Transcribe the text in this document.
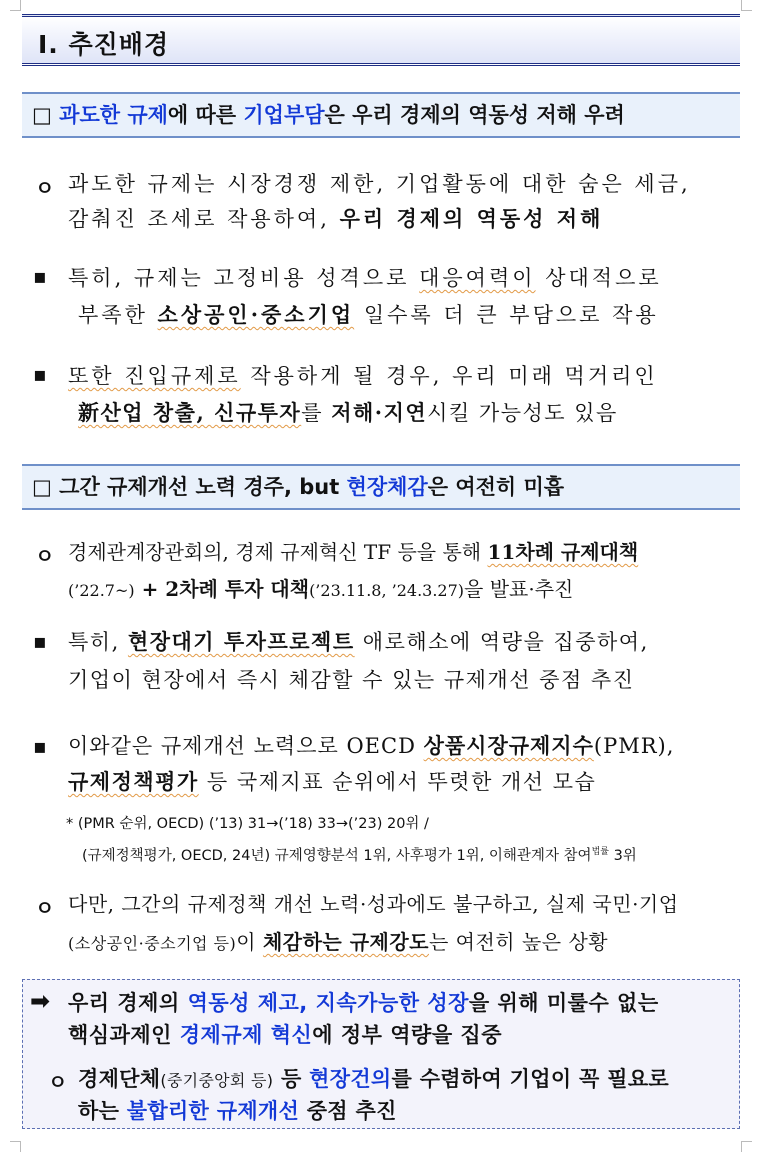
Ⅰ. 추진배경
□ 과도한 규제에 따른 기업부담은 우리 경제의 역동성 저해 우려
ㅇ 과도한 규제는 시장경쟁 제한, 기업활동에 대한 숨은 세금,
감춰진 조세로 작용하여, 우리 경제의 역동성 저해
▪ 특히, 규제는 고정비용 성격으로 대응여력이 상대적으로
부족한 소상공인·중소기업 일수록 더 큰 부담으로 작용
▪ 또한 진입규제로 작용하게 될 경우, 우리 미래 먹거리인
新산업 창출, 신규투자를 저해·지연시킬 가능성도 있음
□ 그간 규제개선 노력 경주, but 현장체감은 여전히 미흡
ㅇ 경제관계장관회의, 경제 규제혁신 TF 등을 통해 11차례 규제대책
(’22.7~) + 2차례 투자 대책(’23.11.8, ’24.3.27)을 발표·추진
▪ 특히, 현장대기 투자프로젝트 애로해소에 역량을 집중하여,
기업이 현장에서 즉시 체감할 수 있는 규제개선 중점 추진
▪ 이와같은 규제개선 노력으로 OECD 상품시장규제지수(PMR),
규제정책평가 등 국제지표 순위에서 뚜렷한 개선 모습
* (PMR 순위, OECD) (’13) 31→(’18) 33→(’23) 20위 /
(규제정책평가, OECD, 24년) 규제영향분석 1위, 사후평가 1위, 이해관계자 참여$^{법률}$ 3위
ㅇ 다만, 그간의 규제정책 개선 노력·성과에도 불구하고, 실제 국민·기업
(소상공인·중소기업 등)이 체감하는 규제강도는 여전히 높은 상황
➡ 우리 경제의 역동성 제고, 지속가능한 성장을 위해 미룰수 없는
핵심과제인 경제규제 혁신에 정부 역량을 집중
ㅇ 경제단체(중기중앙회 등) 등 현장건의를 수렴하여 기업이 꼭 필요로
하는 불합리한 규제개선 중점 추진
